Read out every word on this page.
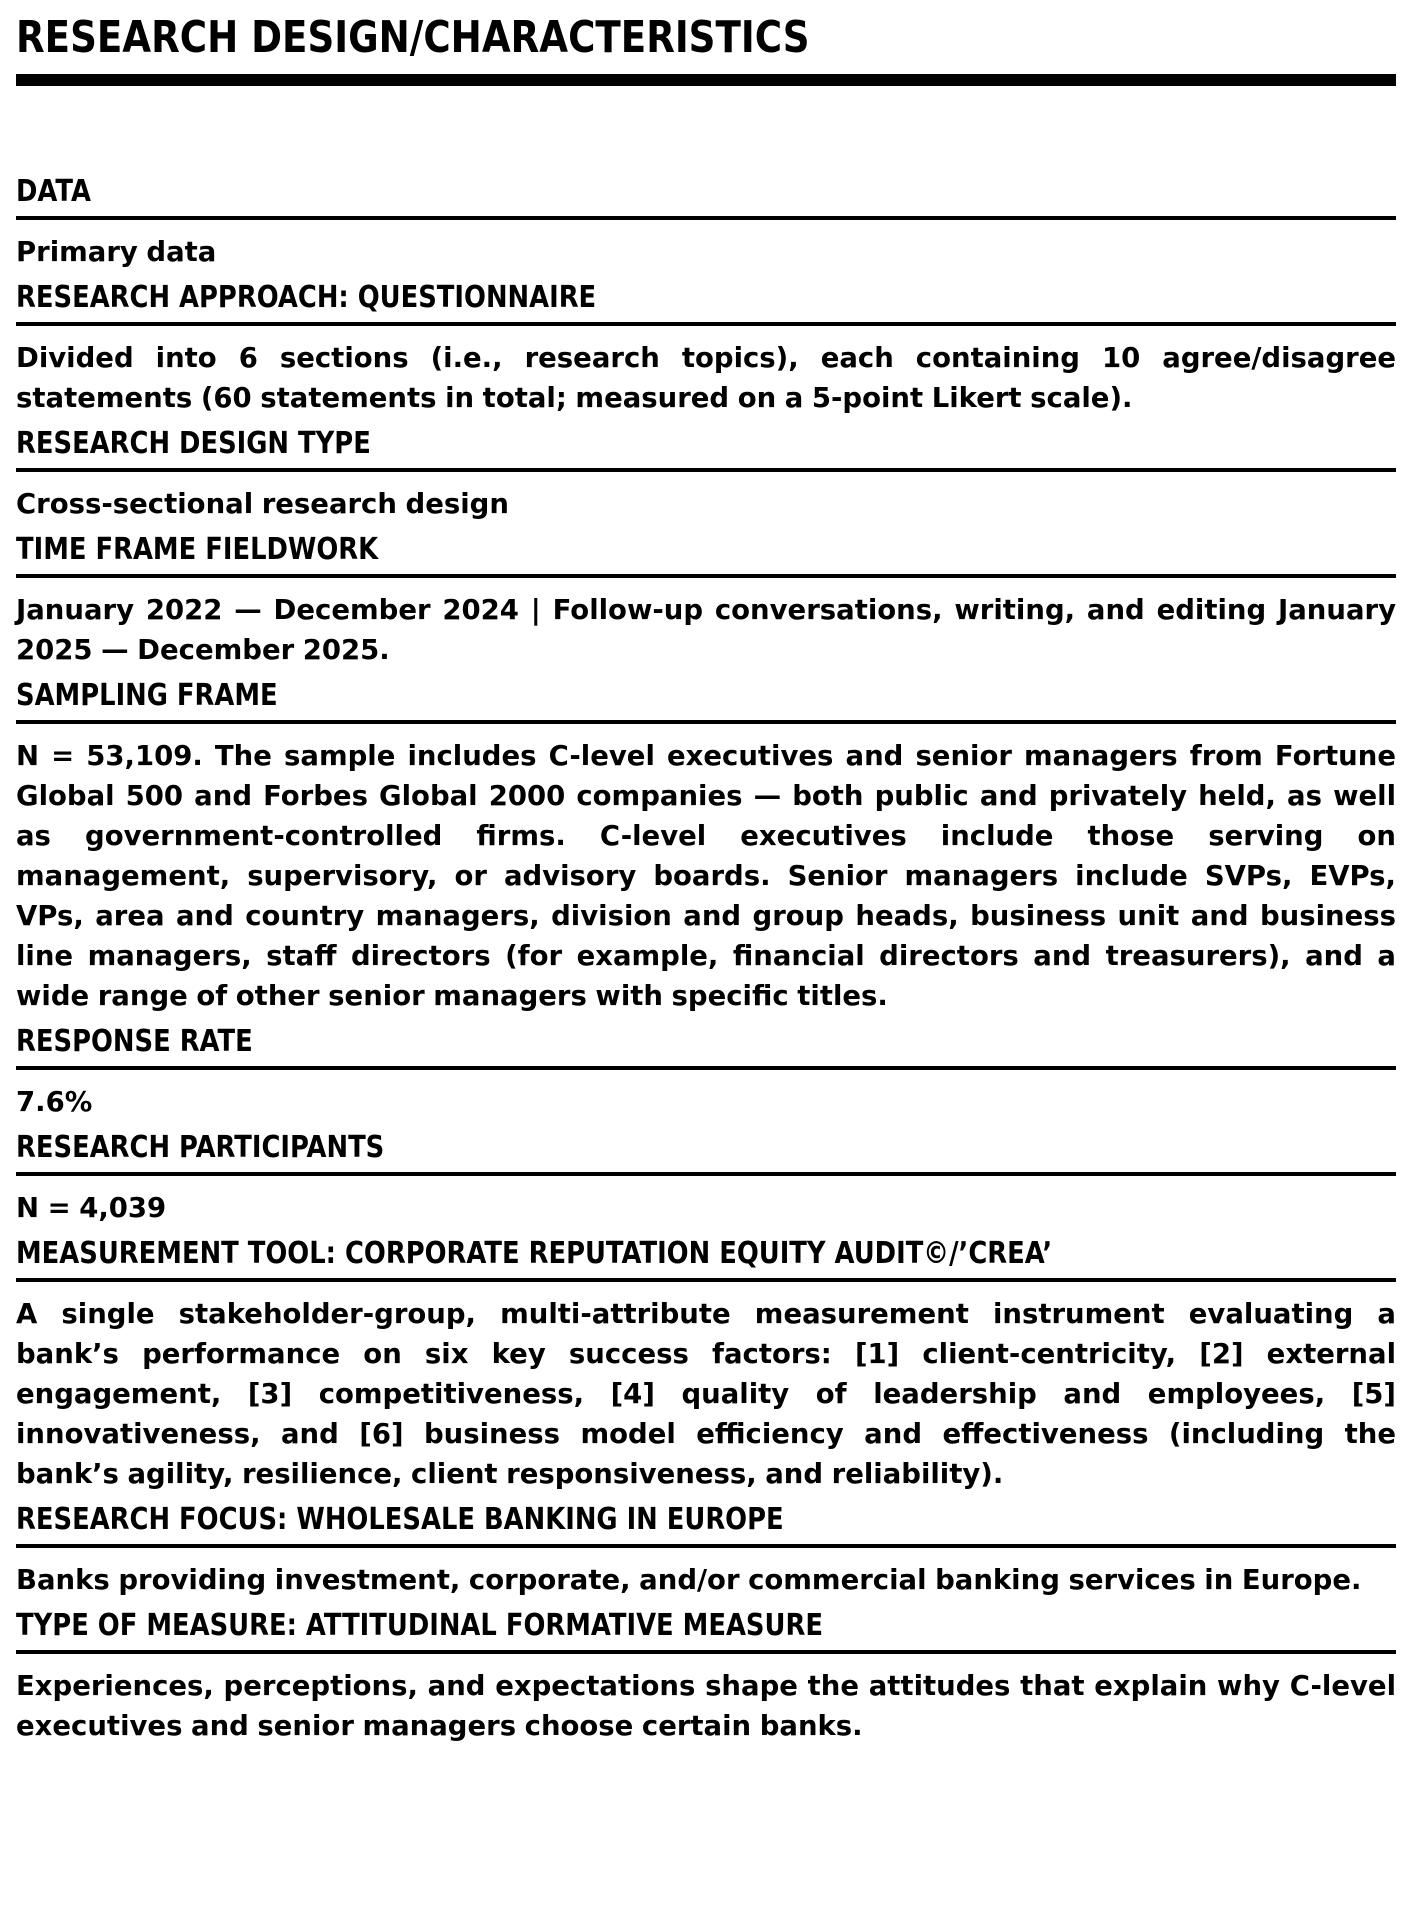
RESEARCH DESIGN/CHARACTERISTICS
DATA
Primary data
RESEARCH APPROACH: QUESTIONNAIRE
Divided into 6 sections (i.e., research topics), each containing 10 agree/disagree statements (60 statements in total; measured on a 5-point Likert scale).
RESEARCH DESIGN TYPE
Cross-sectional research design
TIME FRAME FIELDWORK
January 2022 — December 2024 | Follow-up conversations, writing, and editing January 2025 — December 2025.
SAMPLING FRAME
N = 53,109. The sample includes C-level executives and senior managers from Fortune Global 500 and Forbes Global 2000 companies — both public and privately held, as well as government-controlled firms. C-level executives include those serving on management, supervisory, or advisory boards. Senior managers include SVPs, EVPs, VPs, area and country managers, division and group heads, business unit and business line managers, staff directors (for example, financial directors and treasurers), and a wide range of other senior managers with specific titles.
RESPONSE RATE
7.6%
RESEARCH PARTICIPANTS
N = 4,039
MEASUREMENT TOOL: CORPORATE REPUTATION EQUITY AUDIT©/’CREA’
A single stakeholder-group, multi-attribute measurement instrument evaluating a bank’s performance on six key success factors: [1] client-centricity, [2] external engagement, [3] competitiveness, [4] quality of leadership and employees, [5] innovativeness, and [6] business model efficiency and effectiveness (including the bank’s agility, resilience, client responsiveness, and reliability).
RESEARCH FOCUS: WHOLESALE BANKING IN EUROPE
Banks providing investment, corporate, and/or commercial banking services in Europe.
TYPE OF MEASURE: ATTITUDINAL FORMATIVE MEASURE
Experiences, perceptions, and expectations shape the attitudes that explain why C-level executives and senior managers choose certain banks.
